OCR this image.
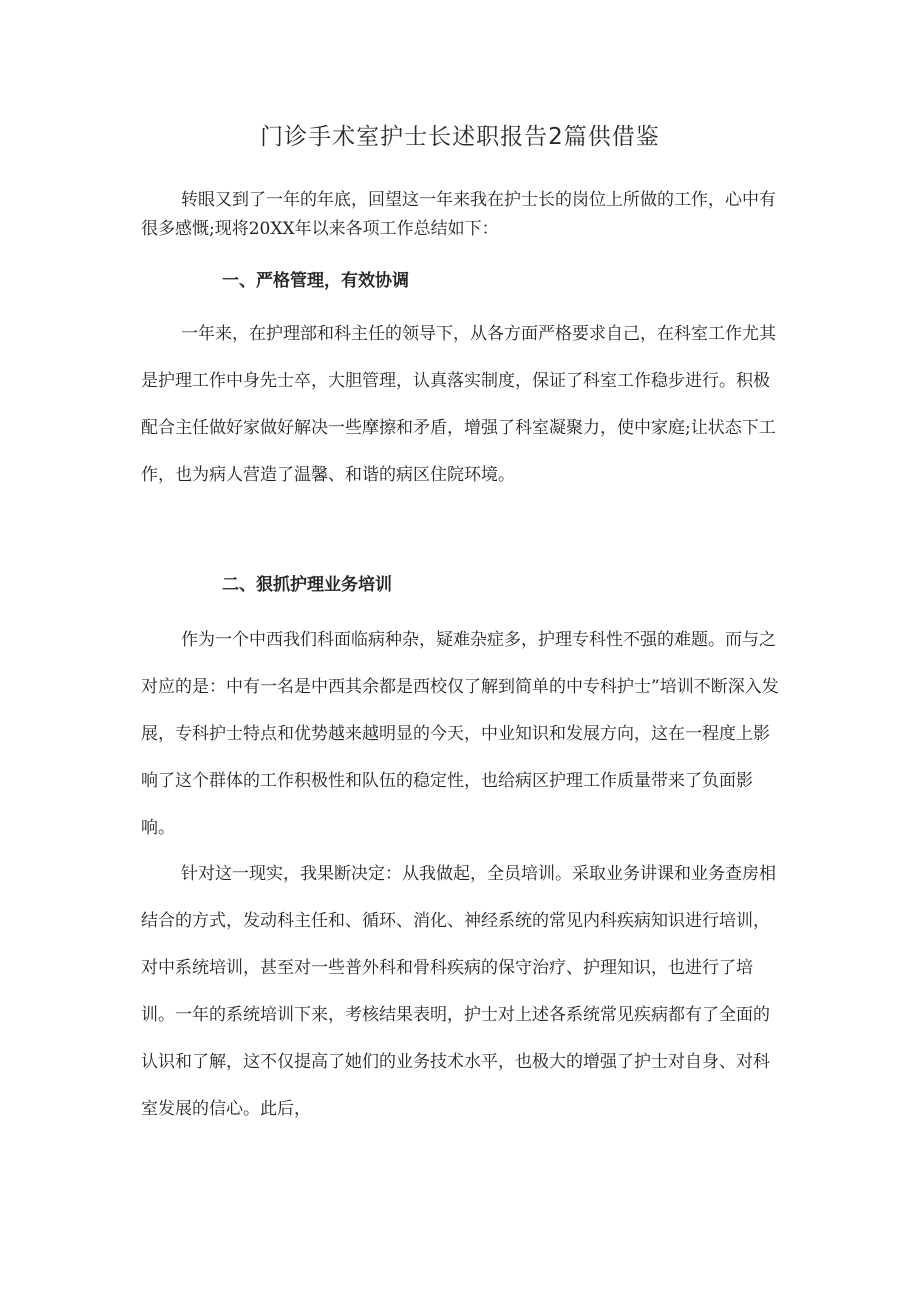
门诊手术室护士长述职报告2篇供借鉴

转眼又到了一年的年底，回望这一年来我在护士长的岗位上所做的工作，心中有很多感慨;现将20XX年以来各项工作总结如下：

一、严格管理，有效协调

一年来，在护理部和科主任的领导下，从各方面严格要求自己，在科室工作尤其是护理工作中身先士卒，大胆管理，认真落实制度，保证了科室工作稳步进行。积极配合主任做好家做好解决一些摩擦和矛盾，增强了科室凝聚力，使中家庭;让状态下工作，也为病人营造了温馨、和谐的病区住院环境。

二、狠抓护理业务培训

作为一个中西我们科面临病种杂，疑难杂症多，护理专科性不强的难题。而与之对应的是：中有一名是中西其余都是西校仅了解到简单的中专科护士”培训不断深入发展，专科护士特点和优势越来越明显的今天，中业知识和发展方向，这在一程度上影响了这个群体的工作积极性和队伍的稳定性，也给病区护理工作质量带来了负面影响。

针对这一现实，我果断决定：从我做起，全员培训。采取业务讲课和业务查房相结合的方式，发动科主任和、循环、消化、神经系统的常见内科疾病知识进行培训，对中系统培训，甚至对一些普外科和骨科疾病的保守治疗、护理知识，也进行了培训。一年的系统培训下来，考核结果表明，护士对上述各系统常见疾病都有了全面的认识和了解，这不仅提高了她们的业务技术水平，也极大的增强了护士对自身、对科室发展的信心。此后，
